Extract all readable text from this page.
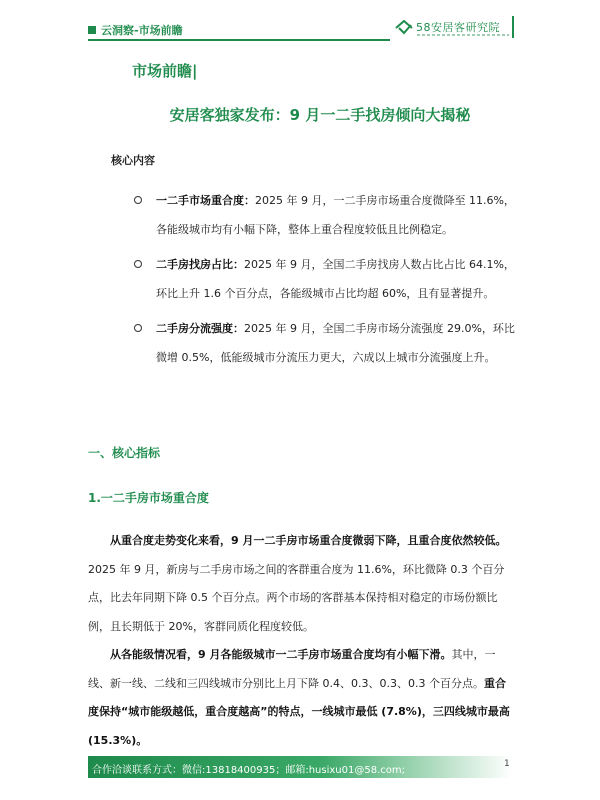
云洞察-市场前瞻	58安居客研究院
市场前瞻|
安居客独家发布：9 月一二手找房倾向大揭秘
核心内容
一二手市场重合度：2025 年 9 月，一二手房市场重合度微降至 11.6%，各能级城市均有小幅下降，整体上重合程度较低且比例稳定。
二手房找房占比：2025 年 9 月，全国二手房找房人数占比占比 64.1%，环比上升 1.6 个百分点，各能级城市占比均超 60%，且有显著提升。
二手房分流强度：2025 年 9 月，全国二手房市场分流强度 29.0%，环比微增 0.5%，低能级城市分流压力更大，六成以上城市分流强度上升。
一、核心指标
1.一二手房市场重合度

从重合度走势变化来看，9 月一二手房市场重合度微弱下降，且重合度依然较低。2025 年 9 月，新房与二手房市场之间的客群重合度为 11.6%，环比微降 0.3 个百分点，比去年同期下降 0.5 个百分点。两个市场的客群基本保持相对稳定的市场份额比例，且长期低于 20%，客群同质化程度较低。

从各能级情况看，9 月各能级城市一二手房市场重合度均有小幅下滑。其中，一线、新一线、二线和三四线城市分别比上月下降 0.4、0.3、0.3、0.3 个百分点。重合度保持“城市能级越低，重合度越高”的特点，一线城市最低 (7.8%)，三四线城市最高 (15.3%)。

合作洽谈联系方式：微信:13818400935；邮箱:husixu01@58.com;
1
